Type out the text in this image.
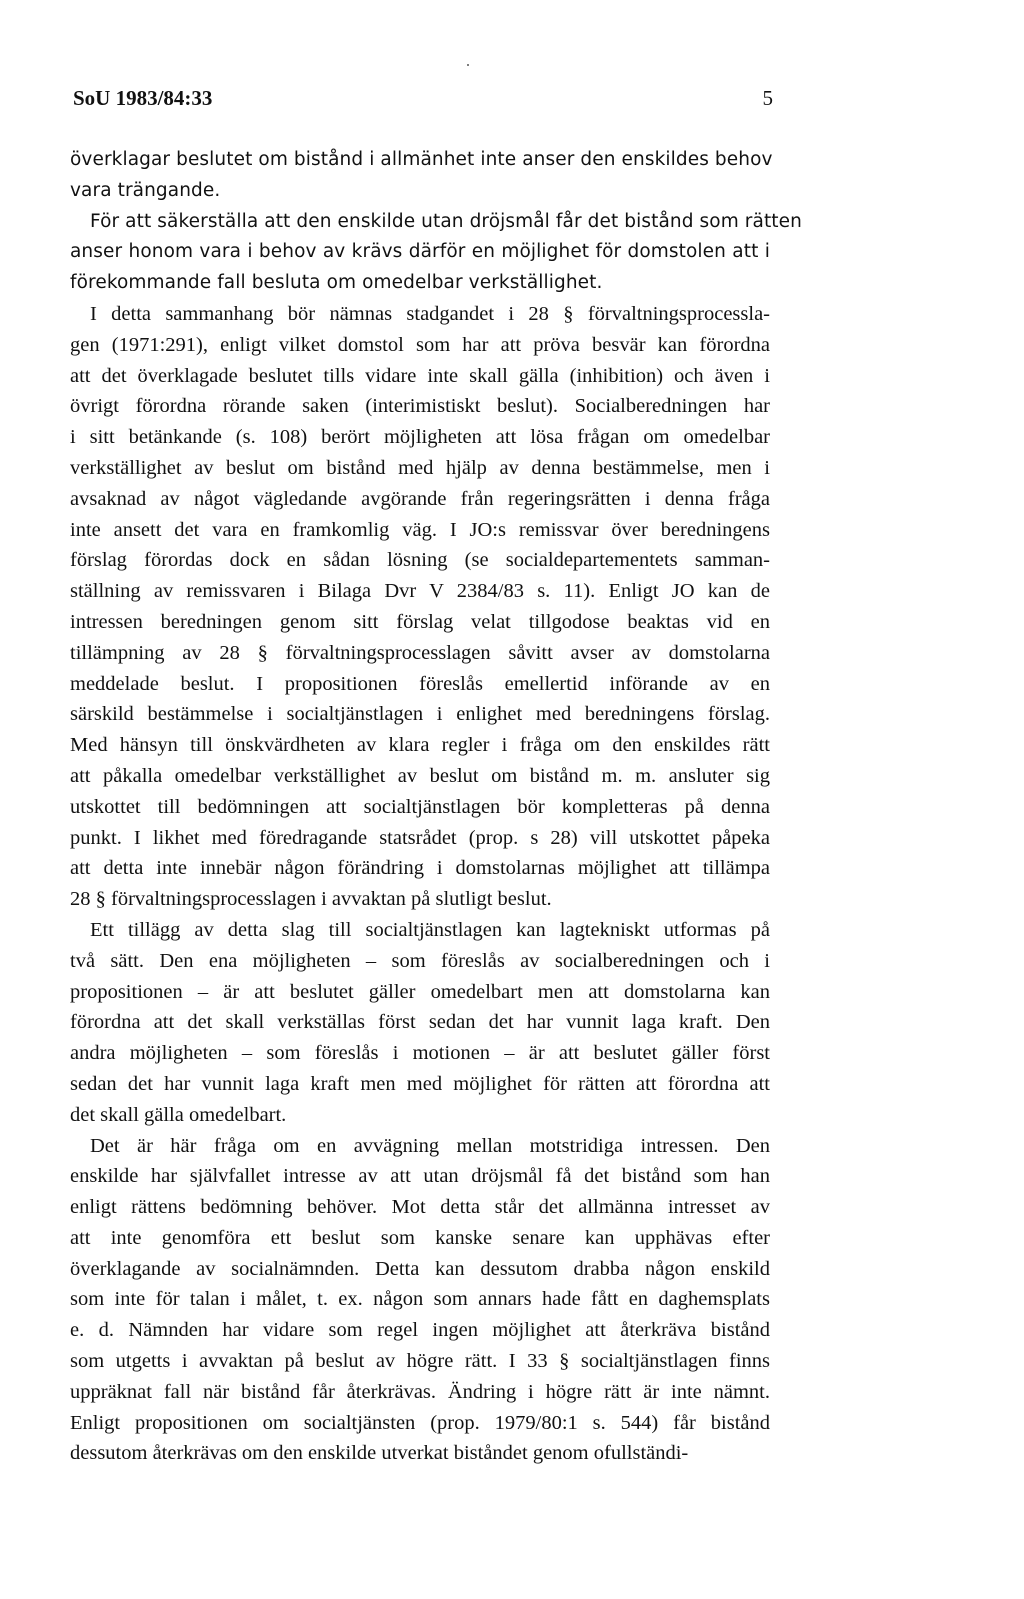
SoU 1983/84:33	5
överklagar beslutet om bistånd i allmänhet inte anser den enskildes behov
vara trängande.
För att säkerställa att den enskilde utan dröjsmål får det bistånd som rätten
anser honom vara i behov av krävs därför en möjlighet för domstolen att i
förekommande fall besluta om omedelbar verkställighet.
I detta sammanhang bör nämnas stadgandet i 28 § förvaltningsprocessla-
gen (1971:291), enligt vilket domstol som har att pröva besvär kan förordna
att det överklagade beslutet tills vidare inte skall gälla (inhibition) och även i
övrigt förordna rörande saken (interimistiskt beslut). Socialberedningen har
i sitt betänkande (s. 108) berört möjligheten att lösa frågan om omedelbar
verkställighet av beslut om bistånd med hjälp av denna bestämmelse, men i
avsaknad av något vägledande avgörande från regeringsrätten i denna fråga
inte ansett det vara en framkomlig väg. I JO:s remissvar över beredningens
förslag förordas dock en sådan lösning (se socialdepartementets samman-
ställning av remissvaren i Bilaga Dvr V 2384/83 s. 11). Enligt JO kan de
intressen beredningen genom sitt förslag velat tillgodose beaktas vid en
tillämpning av 28 § förvaltningsprocesslagen såvitt avser av domstolarna
meddelade beslut. I propositionen föreslås emellertid införande av en
särskild bestämmelse i socialtjänstlagen i enlighet med beredningens förslag.
Med hänsyn till önskvärdheten av klara regler i fråga om den enskildes rätt
att påkalla omedelbar verkställighet av beslut om bistånd m. m. ansluter sig
utskottet till bedömningen att socialtjänstlagen bör kompletteras på denna
punkt. I likhet med föredragande statsrådet (prop. s 28) vill utskottet påpeka
att detta inte innebär någon förändring i domstolarnas möjlighet att tillämpa
28 § förvaltningsprocesslagen i avvaktan på slutligt beslut.
Ett tillägg av detta slag till socialtjänstlagen kan lagtekniskt utformas på
två sätt. Den ena möjligheten – som föreslås av socialberedningen och i
propositionen – är att beslutet gäller omedelbart men att domstolarna kan
förordna att det skall verkställas först sedan det har vunnit laga kraft. Den
andra möjligheten – som föreslås i motionen – är att beslutet gäller först
sedan det har vunnit laga kraft men med möjlighet för rätten att förordna att
det skall gälla omedelbart.
Det är här fråga om en avvägning mellan motstridiga intressen. Den
enskilde har självfallet intresse av att utan dröjsmål få det bistånd som han
enligt rättens bedömning behöver. Mot detta står det allmänna intresset av
att inte genomföra ett beslut som kanske senare kan upphävas efter
överklagande av socialnämnden. Detta kan dessutom drabba någon enskild
som inte för talan i målet, t. ex. någon som annars hade fått en daghemsplats
e. d. Nämnden har vidare som regel ingen möjlighet att återkräva bistånd
som utgetts i avvaktan på beslut av högre rätt. I 33 § socialtjänstlagen finns
uppräknat fall när bistånd får återkrävas. Ändring i högre rätt är inte nämnt.
Enligt propositionen om socialtjänsten (prop. 1979/80:1 s. 544) får bistånd
dessutom återkrävas om den enskilde utverkat biståndet genom ofullständi-
